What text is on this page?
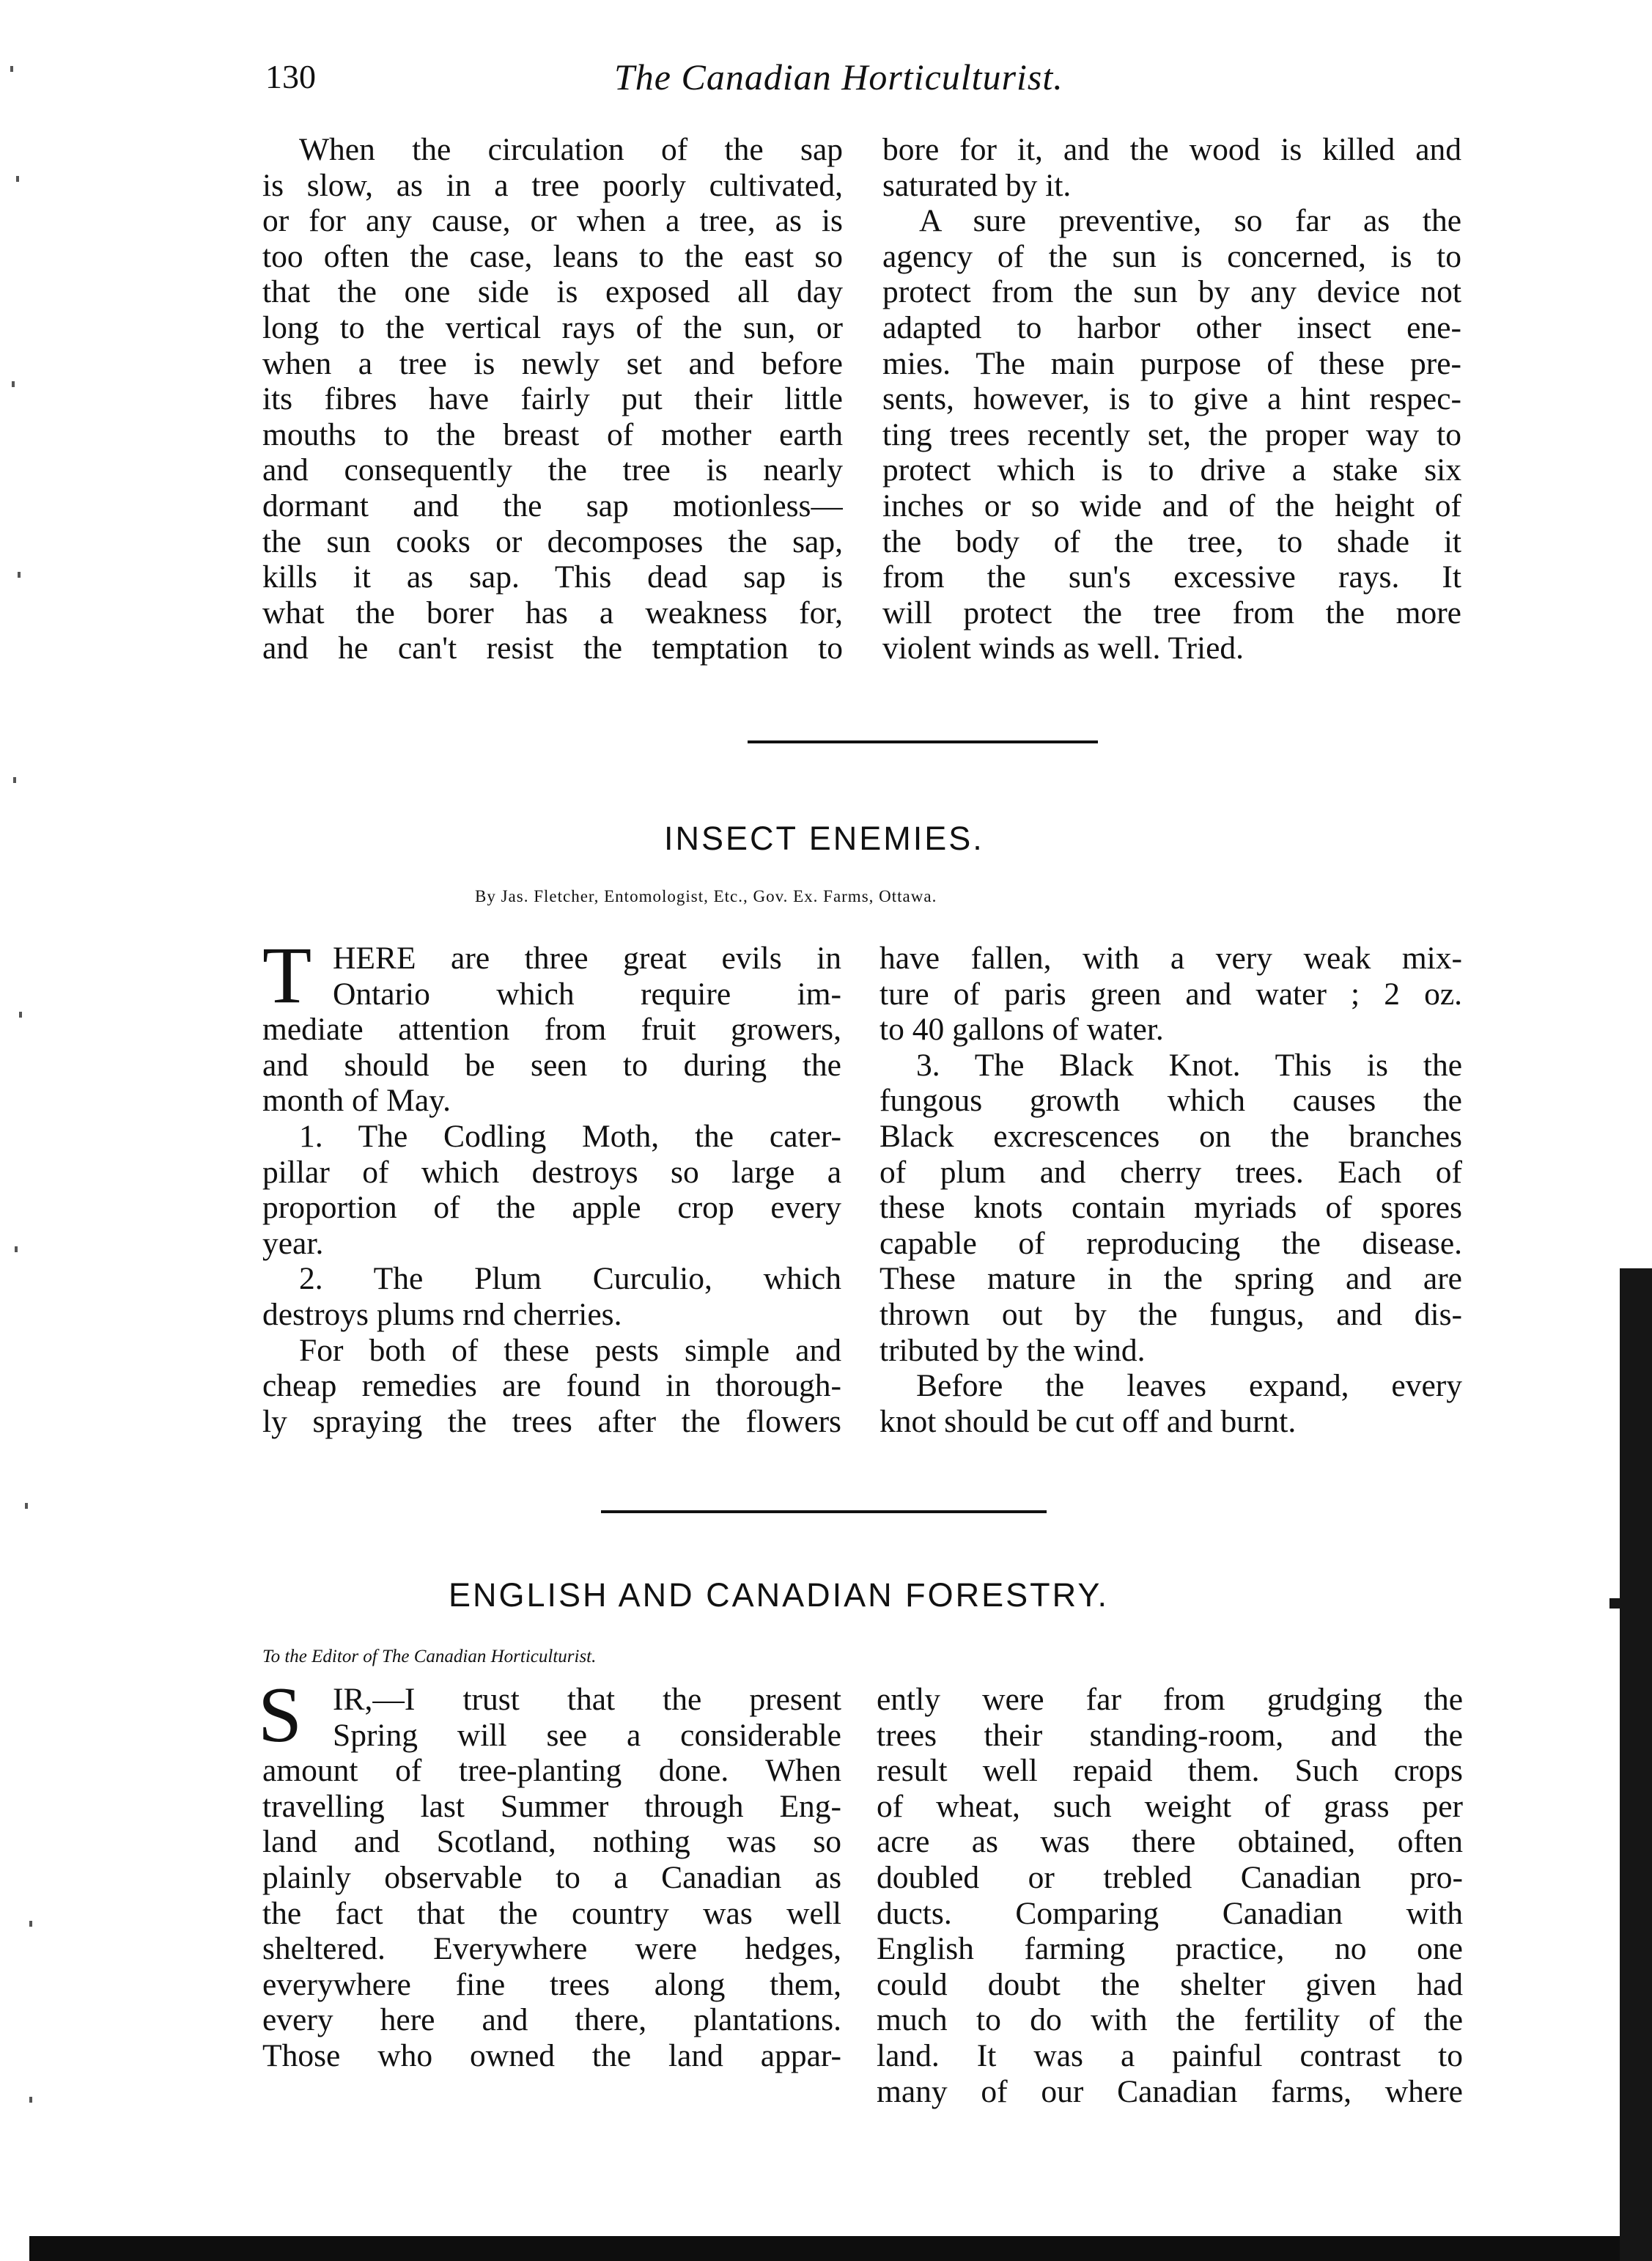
130	The Canadian Horticulturist.
When the circulation of the sap
is slow, as in a tree poorly cultivated,
or for any cause, or when a tree, as is
too often the case, leans to the east so
that the one side is exposed all day
long to the vertical rays of the sun, or
when a tree is newly set and before
its fibres have fairly put their little
mouths to the breast of mother earth
and consequently the tree is nearly
dormant and the sap motionless—
the sun cooks or decomposes the sap,
kills it as sap. This dead sap is
what the borer has a weakness for,
and he can't resist the temptation to
bore for it, and the wood is killed and
saturated by it.
A sure preventive, so far as the
agency of the sun is concerned, is to
protect from the sun by any device not
adapted to harbor other insect ene-
mies. The main purpose of these pre-
sents, however, is to give a hint respec-
ting trees recently set, the proper way to
protect which is to drive a stake six
inches or so wide and of the height of
the body of the tree, to shade it
from the sun's excessive rays. It
will protect the tree from the more
violent winds as well. Tried.
INSECT ENEMIES.
By Jas. Fletcher, Entomologist, Etc., Gov. Ex. Farms, Ottawa.
T HERE are three great evils in
Ontario which require im-
mediate attention from fruit growers,
and should be seen to during the
month of May.
1. The Codling Moth, the cater-
pillar of which destroys so large a
proportion of the apple crop every
year.
2. The Plum Curculio, which
destroys plums rnd cherries.
For both of these pests simple and
cheap remedies are found in thorough-
ly spraying the trees after the flowers
have fallen, with a very weak mix-
ture of paris green and water ; 2 oz.
to 40 gallons of water.
3. The Black Knot. This is the
fungous growth which causes the
Black excrescences on the branches
of plum and cherry trees. Each of
these knots contain myriads of spores
capable of reproducing the disease.
These mature in the spring and are
thrown out by the fungus, and dis-
tributed by the wind.
Before the leaves expand, every
knot should be cut off and burnt.
ENGLISH AND CANADIAN FORESTRY.
To the Editor of The Canadian Horticulturist.
S IR,—I trust that the present
Spring will see a considerable
amount of tree-planting done. When
travelling last Summer through Eng-
land and Scotland, nothing was so
plainly observable to a Canadian as
the fact that the country was well
sheltered. Everywhere were hedges,
everywhere fine trees along them,
every here and there, plantations.
Those who owned the land appar-
ently were far from grudging the
trees their standing-room, and the
result well repaid them. Such crops
of wheat, such weight of grass per
acre as was there obtained, often
doubled or trebled Canadian pro-
ducts. Comparing Canadian with
English farming practice, no one
could doubt the shelter given had
much to do with the fertility of the
land. It was a painful contrast to
many of our Canadian farms, where
